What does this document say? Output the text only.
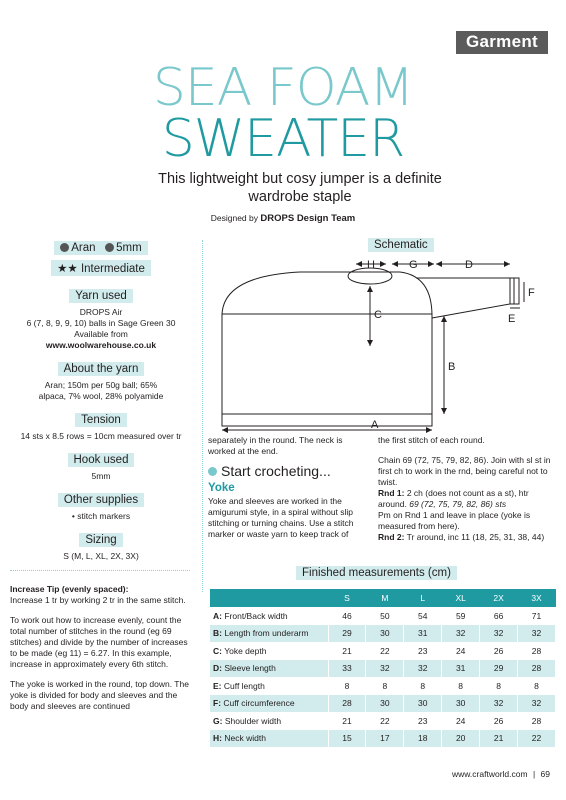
Garment
SEA FOAM
SWEATER
This lightweight but cosy jumper is a definite wardrobe staple
Designed by DROPS Design Team
Aran 5mm
★★ Intermediate
Yarn used
DROPS Air
6 (7, 8, 9, 9, 10) balls in Sage Green 30
Available from
www.woolwarehouse.co.uk
About the yarn
Aran; 150m per 50g ball; 65% alpaca, 7% wool, 28% polyamide
Tension
14 sts x 8.5 rows = 10cm measured over tr
Hook used
5mm
Other supplies
• stitch markers
Sizing
S (M, L, XL, 2X, 3X)

Increase Tip (evenly spaced):
Increase 1 tr by working 2 tr in the same stitch.

To work out how to increase evenly, count the total number of stitches in the round (eg 69 stitches) and divide by the number of increases to be made (eg 11) = 6.27. In this example, increase in approximately every 6th stitch.

The yoke is worked in the round, top down. The yoke is divided for body and sleeves and the body and sleeves are continued

Schematic
A
B
C
D
E
F
G
H
separately in the round. The neck is worked at the end.
Start crocheting...
Yoke
Yoke and sleeves are worked in the amigurumi style, in a spiral without slip stitching or turning chains. Use a stitch marker or waste yarn to keep track of
the first stitch of each round.
Chain 69 (72, 75, 79, 82, 86). Join with sl st in first ch to work in the rnd, being careful not to twist.
Rnd 1: 2 ch (does not count as a st), htr around. 69 (72, 75, 79, 82, 86) sts
Pm on Rnd 1 and leave in place (yoke is measured from here).
Rnd 2: Tr around, inc 11 (18, 25, 31, 38, 44)
Finished measurements (cm)
	S	M	L	XL	2X	3X
A: Front/Back width	46	50	54	59	66	71
B: Length from underarm	29	30	31	32	32	32
C: Yoke depth	21	22	23	24	26	28
D: Sleeve length	33	32	32	31	29	28
E: Cuff length	8	8	8	8	8	8
F: Cuff circumference	28	30	30	30	32	32
G: Shoulder width	21	22	23	24	26	28
H: Neck width	15	17	18	20	21	22
www.craftworld.com | 69
